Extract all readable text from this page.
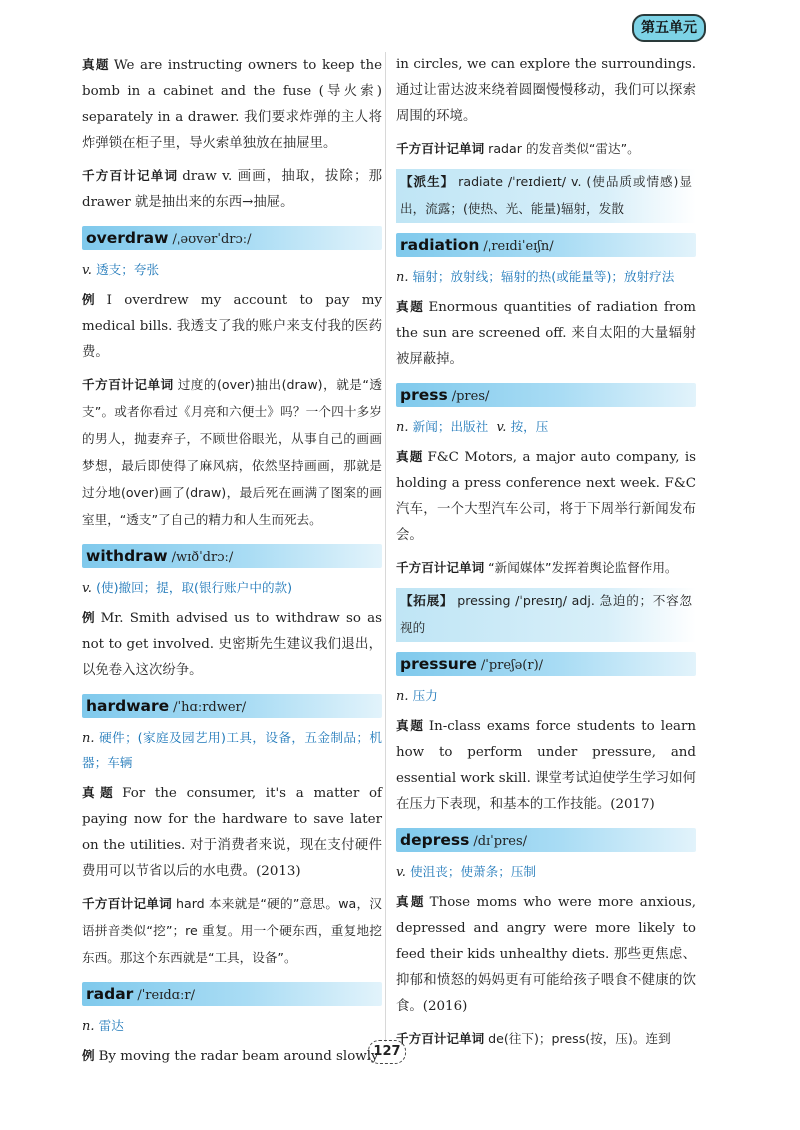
第五单元

真题 We are instructing owners to keep the bomb in a cabinet and the fuse (导火索) separately in a drawer. 我们要求炸弹的主人将炸弹锁在柜子里，导火索单独放在抽屉里。

千方百计记单词 draw v. 画画，抽取，拔除；那 drawer 就是抽出来的东西→抽屉。

overdraw /ˌəʊvərˈdrɔː/

v. 透支；夸张

例 I overdrew my account to pay my medical bills. 我透支了我的账户来支付我的医药费。

千方百计记单词 过度的(over)抽出(draw)，就是“透支”。或者你看过《月亮和六便士》吗？一个四十多岁的男人，抛妻弃子，不顾世俗眼光，从事自己的画画梦想，最后即使得了麻风病，依然坚持画画，那就是过分地(over)画了(draw)，最后死在画满了图案的画室里，“透支”了自己的精力和人生而死去。

withdraw /wɪðˈdrɔː/

v. (使)撤回；提，取(银行账户中的款)

例 Mr. Smith advised us to withdraw so as not to get involved. 史密斯先生建议我们退出，以免卷入这次纷争。

hardware /ˈhɑːrdwer/

n. 硬件；(家庭及园艺用)工具，设备，五金制品；机器；车辆

真题 For the consumer, it's a matter of paying now for the hardware to save later on the utilities. 对于消费者来说，现在支付硬件费用可以节省以后的水电费。(2013)

千方百计记单词 hard 本来就是“硬的”意思。wa，汉语拼音类似“挖”；re 重复。用一个硬东西，重复地挖东西。那这个东西就是“工具，设备”。

radar /ˈreɪdɑːr/

n. 雷达

例 By moving the radar beam around slowly

in circles, we can explore the surroundings. 通过让雷达波来绕着圆圈慢慢移动，我们可以探索周围的环境。

千方百计记单词 radar 的发音类似“雷达”。

【派生】 radiate /ˈreɪdieɪt/ v. (使品质或情感)显出，流露；(使热、光、能量)辐射，发散

radiation /ˌreɪdiˈeɪʃn/

n. 辐射；放射线；辐射的热(或能量等)；放射疗法

真题 Enormous quantities of radiation from the sun are screened off. 来自太阳的大量辐射被屏蔽掉。

press /pres/

n. 新闻；出版社 v. 按，压

真题 F&C Motors, a major auto company, is holding a press conference next week. F&C 汽车，一个大型汽车公司，将于下周举行新闻发布会。

千方百计记单词 “新闻媒体”发挥着舆论监督作用。

【拓展】 pressing /ˈpresɪŋ/ adj. 急迫的；不容忽视的

pressure /ˈpreʃə(r)/

n. 压力

真题 In-class exams force students to learn how to perform under pressure, and essential work skill. 课堂考试迫使学生学习如何在压力下表现，和基本的工作技能。(2017)

depress /dɪˈpres/

v. 使沮丧；使萧条；压制

真题 Those moms who were more anxious, depressed and angry were more likely to feed their kids unhealthy diets. 那些更焦虑、抑郁和愤怒的妈妈更有可能给孩子喂食不健康的饮食。(2016)

千方百计记单词 de(往下)；press(按，压)。连到

127
